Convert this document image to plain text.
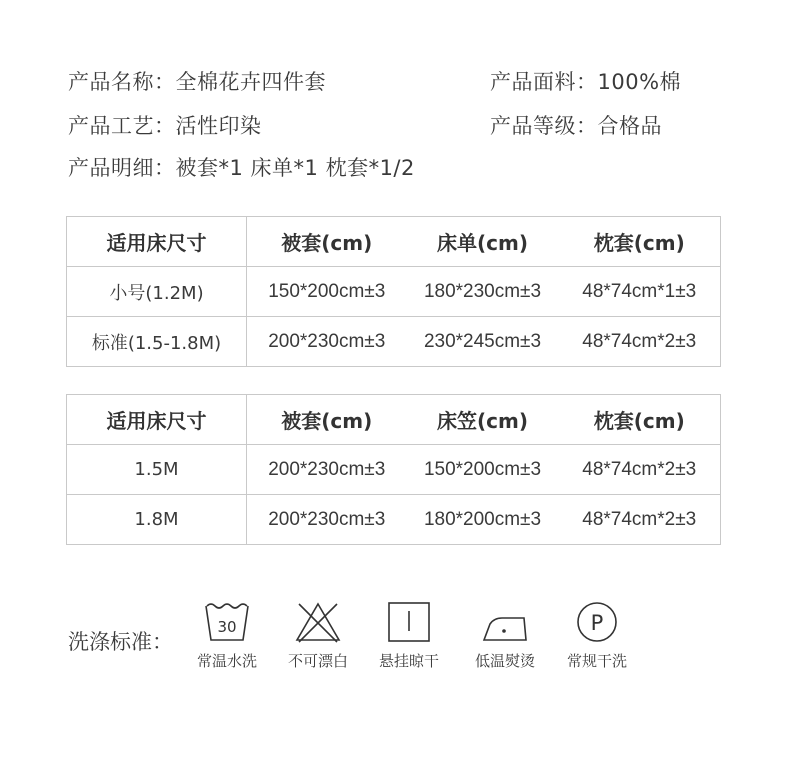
产品名称：全棉花卉四件套	产品面料：100%棉
产品工艺：活性印染	产品等级：合格品
产品明细：被套*1 床单*1 枕套*1/2
适用床尺寸	被套(cm)	床单(cm)	枕套(cm)
小号(1.2M)	150*200cm±3	180*230cm±3	48*74cm*1±3
标准(1.5-1.8M)	200*230cm±3	230*245cm±3	48*74cm*2±3
适用床尺寸	被套(cm)	床笠(cm)	枕套(cm)
1.5M	200*230cm±3	150*200cm±3	48*74cm*2±3
1.8M	200*230cm±3	180*200cm±3	48*74cm*2±3
洗涤标准：
30
常温水洗	不可漂白	悬挂晾干	低温熨烫
P
常规干洗
